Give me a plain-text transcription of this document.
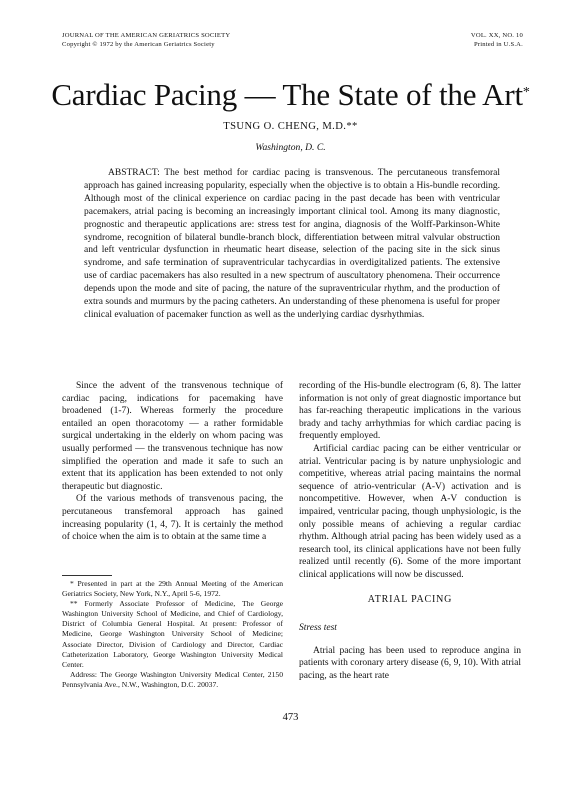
JOURNAL OF THE AMERICAN GERIATRICS SOCIETY
Copyright © 1972 by the American Geriatrics Society
VOL. XX, NO. 10
Printed in U.S.A.
Cardiac Pacing — The State of the Art*
TSUNG O. CHENG, M.D.**
Washington, D. C.
ABSTRACT: The best method for cardiac pacing is transvenous. The percutaneous transfemoral approach has gained increasing popularity, especially when the objective is to obtain a His-bundle recording. Although most of the clinical experience on cardiac pacing in the past decade has been with ventricular pacemakers, atrial pacing is becoming an increasingly important clinical tool. Among its many diagnostic, prognostic and therapeutic applications are: stress test for angina, diagnosis of the Wolff-Parkinson-White syndrome, recognition of bilateral bundle-branch block, differentiation between mitral valvular obstruction and left ventricular dysfunction in rheumatic heart disease, selection of the pacing site in the sick sinus syndrome, and safe termination of supraventricular tachycardias in overdigitalized patients. The extensive use of cardiac pacemakers has also resulted in a new spectrum of auscultatory phenomena. Their occurrence depends upon the mode and site of pacing, the nature of the supraventricular rhythm, and the production of extra sounds and murmurs by the pacing catheters. An understanding of these phenomena is useful for proper clinical evaluation of pacemaker function as well as the underlying cardiac dysrhythmias.

Since the advent of the transvenous technique of cardiac pacing, indications for pacemaking have broadened (1-7). Whereas formerly the procedure entailed an open thoracotomy — a rather formidable surgical undertaking in the elderly on whom pacing was usually performed — the transvenous technique has now simplified the operation and made it safe to such an extent that its application has been extended to not only therapeutic but diagnostic.

Of the various methods of transvenous pacing, the percutaneous transfemoral approach has gained increasing popularity (1, 4, 7). It is certainly the method of choice when the aim is to obtain at the same time a

* Presented in part at the 29th Annual Meeting of the American Geriatrics Society, New York, N.Y., April 5-6, 1972.

** Formerly Associate Professor of Medicine, The George Washington University School of Medicine, and Chief of Cardiology, District of Columbia General Hospital. At present: Professor of Medicine, George Washington University School of Medicine; Associate Director, Division of Cardiology and Director, Cardiac Catheterization Laboratory, George Washington University Medical Center.

Address: The George Washington University Medical Center, 2150 Pennsylvania Ave., N.W., Washington, D.C. 20037.

recording of the His-bundle electrogram (6, 8). The latter information is not only of great diagnostic importance but has far-reaching therapeutic implications in the various brady and tachy arrhythmias for which cardiac pacing is frequently employed.

Artificial cardiac pacing can be either ventricular or atrial. Ventricular pacing is by nature unphysiologic and competitive, whereas atrial pacing maintains the normal sequence of atrio-ventricular (A-V) activation and is noncompetitive. However, when A-V conduction is impaired, ventricular pacing, though unphysiologic, is the only possible means of achieving a regular cardiac rhythm. Although atrial pacing has been widely used as a research tool, its clinical applications have not been fully realized until recently (6). Some of the more important clinical applications will now be discussed.

ATRIAL PACING
Stress test

Atrial pacing has been used to reproduce angina in patients with coronary artery disease (6, 9, 10). With atrial pacing, as the heart rate

473
